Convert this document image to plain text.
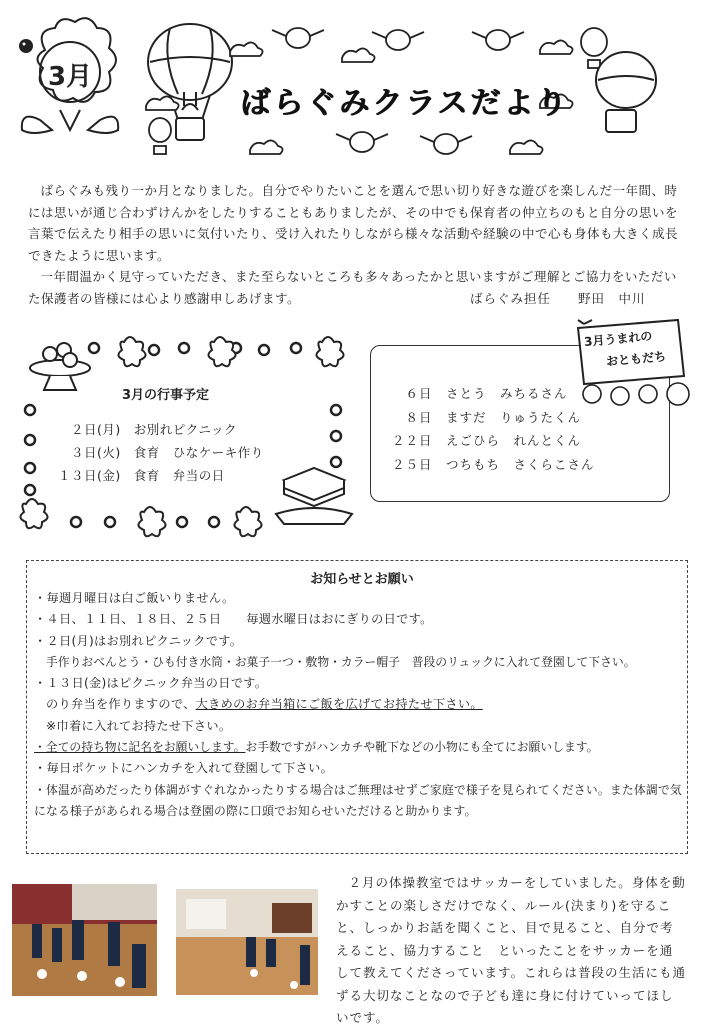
3月
ばらぐみクラスだより

ばらぐみも残り一か月となりました。自分でやりたいことを選んで思い切り好きな遊びを楽しんだ一年間、時には思いが通じ合わずけんかをしたりすることもありましたが、その中でも保育者の仲立ちのもと自分の思いを言葉で伝えたり相手の思いに気付いたり、受け入れたりしながら様々な活動や経験の中で心も身体も大きく成長できたように思います。

一年間温かく見守っていただき、また至らないところも多々あったかと思いますがご理解とご協力をいただいた保護者の皆様には心より感謝申しあげます。	ばらぐみ担任　　野田　中川
3月の行事予定
　２日(月)　お別れピクニック
　３日(火)　食育　ひなケーキ作り
１３日(金)　食育　弁当の日
3月うまれの
おともだち
　６日　さとう　みちるさん
　８日　ますだ　りゅうたくん
２２日　えごひら　れんとくん
２５日　つちもち　さくらこさん
お知らせとお願い
・毎週月曜日は白ご飯いりません。
・４日、１１日、１８日、２５日　　毎週水曜日はおにぎりの日です。
・２日(月)はお別れピクニックです。
手作りおべんとう・ひも付き水筒・お菓子一つ・敷物・カラー帽子　普段のリュックに入れて登園して下さい。
・１３日(金)はピクニック弁当の日です。
のり弁当を作りますので、大きめのお弁当箱にご飯を広げてお持たせ下さい。
※巾着に入れてお持たせ下さい。
・全ての持ち物に記名をお願いします。お手数ですがハンカチや靴下などの小物にも全てにお願いします。
・毎日ポケットにハンカチを入れて登園して下さい。
・体温が高めだったり体調がすぐれなかったりする場合はご無理はせずご家庭で様子を見られてください。また体調で気になる様子があられる場合は登園の際に口頭でお知らせいただけると助かります。

２月の体操教室ではサッカーをしていました。身体を動かすことの楽しさだけでなく、ルール(決まり)を守ること、しっかりお話を聞くこと、目で見ること、自分で考えること、協力すること　といったことをサッカーを通して教えてくださっています。これらは普段の生活にも通ずる大切なことなので子ども達に身に付けていってほしいです。
